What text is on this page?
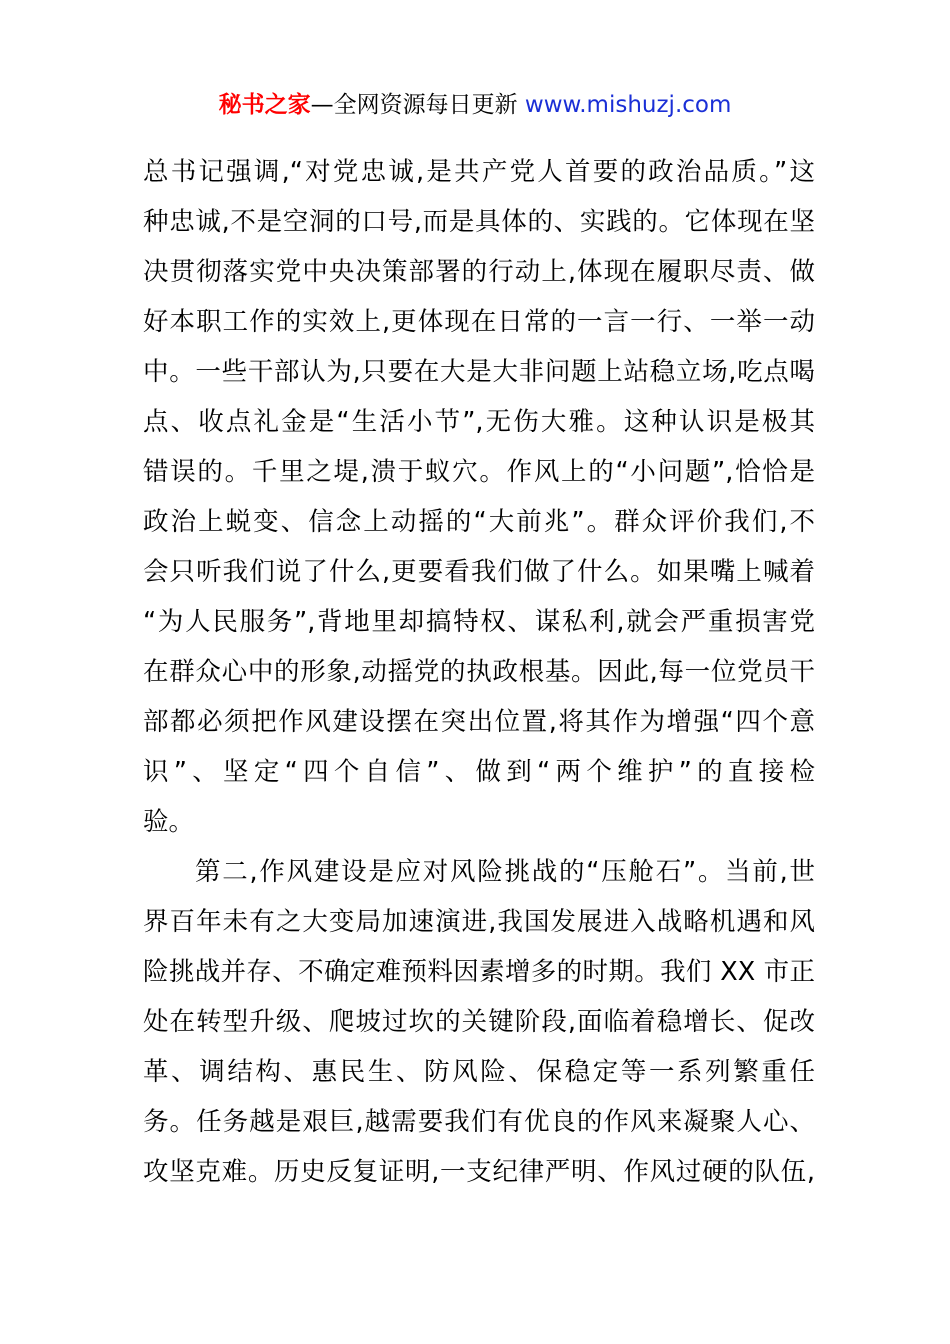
秘书之家—全网资源每日更新 www.mishuzj.com
总书记强调,“对党忠诚,是共产党人首要的政治品质。”这
种忠诚,不是空洞的口号,而是具体的、实践的。它体现在坚
决贯彻落实党中央决策部署的行动上,体现在履职尽责、做
好本职工作的实效上,更体现在日常的一言一行、一举一动
中。一些干部认为,只要在大是大非问题上站稳立场,吃点喝
点、收点礼金是“生活小节”,无伤大雅。这种认识是极其
错误的。千里之堤,溃于蚁穴。作风上的“小问题”,恰恰是
政治上蜕变、信念上动摇的“大前兆”。群众评价我们,不
会只听我们说了什么,更要看我们做了什么。如果嘴上喊着
“为人民服务”,背地里却搞特权、谋私利,就会严重损害党
在群众心中的形象,动摇党的执政根基。因此,每一位党员干
部都必须把作风建设摆在突出位置,将其作为增强“四个意
识”、坚定“四个自信”、做到“两个维护”的直接检
验。
第二,作风建设是应对风险挑战的“压舱石”。当前,世
界百年未有之大变局加速演进,我国发展进入战略机遇和风
险挑战并存、不确定难预料因素增多的时期。我们 XX 市正
处在转型升级、爬坡过坎的关键阶段,面临着稳增长、促改
革、调结构、惠民生、防风险、保稳定等一系列繁重任
务。任务越是艰巨,越需要我们有优良的作风来凝聚人心、
攻坚克难。历史反复证明,一支纪律严明、作风过硬的队伍,
